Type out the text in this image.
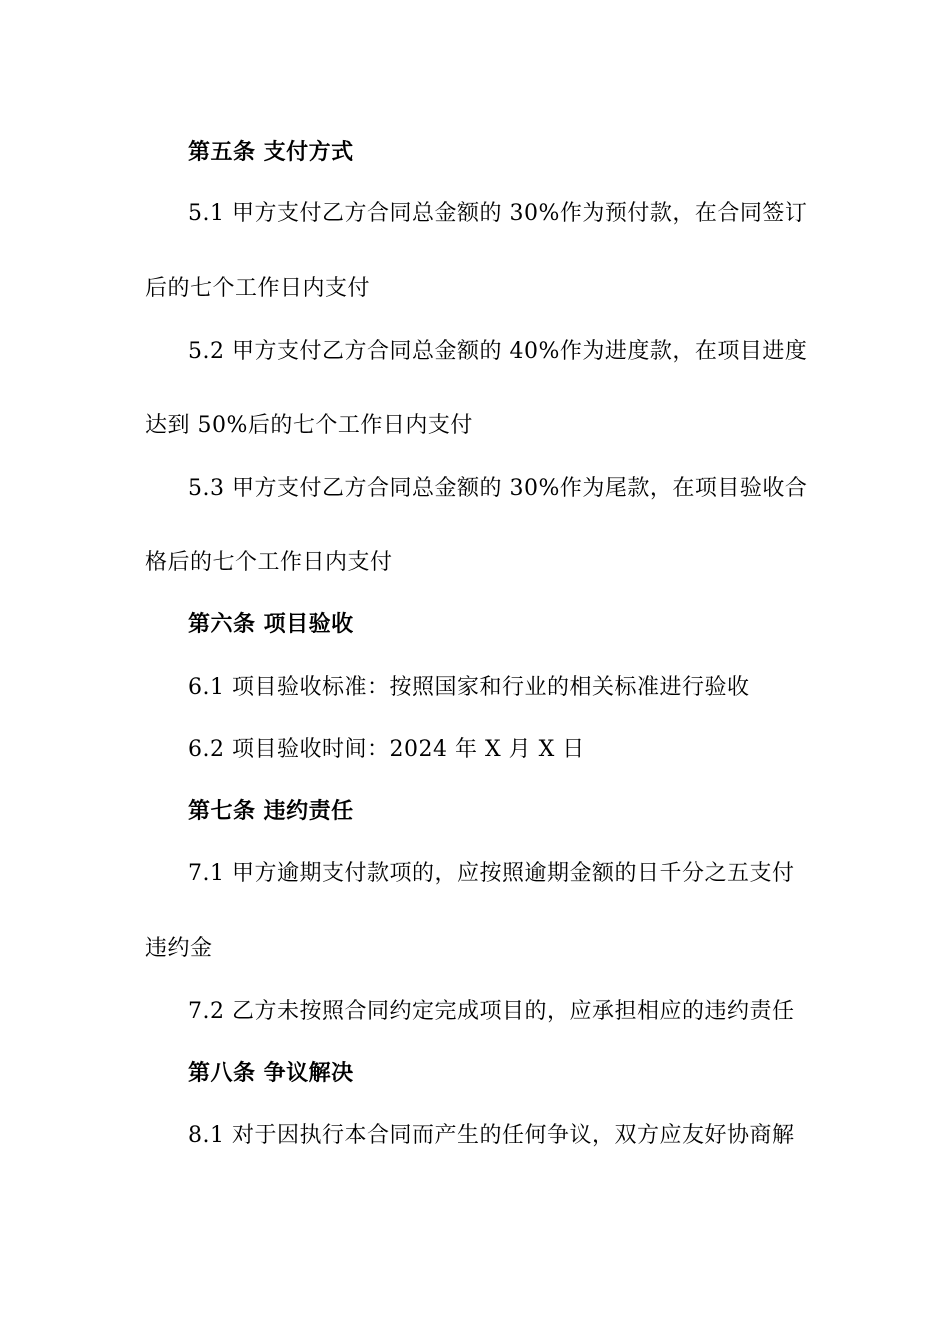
第五条 支付方式
5.1 甲方支付乙方合同总金额的 30%作为预付款，在合同签订
后的七个工作日内支付
5.2 甲方支付乙方合同总金额的 40%作为进度款，在项目进度
达到 50%后的七个工作日内支付
5.3 甲方支付乙方合同总金额的 30%作为尾款，在项目验收合
格后的七个工作日内支付
第六条 项目验收
6.1 项目验收标准：按照国家和行业的相关标准进行验收
6.2 项目验收时间：2024 年 X 月 X 日
第七条 违约责任
7.1 甲方逾期支付款项的，应按照逾期金额的日千分之五支付
违约金
7.2 乙方未按照合同约定完成项目的，应承担相应的违约责任
第八条 争议解决
8.1 对于因执行本合同而产生的任何争议，双方应友好协商解
